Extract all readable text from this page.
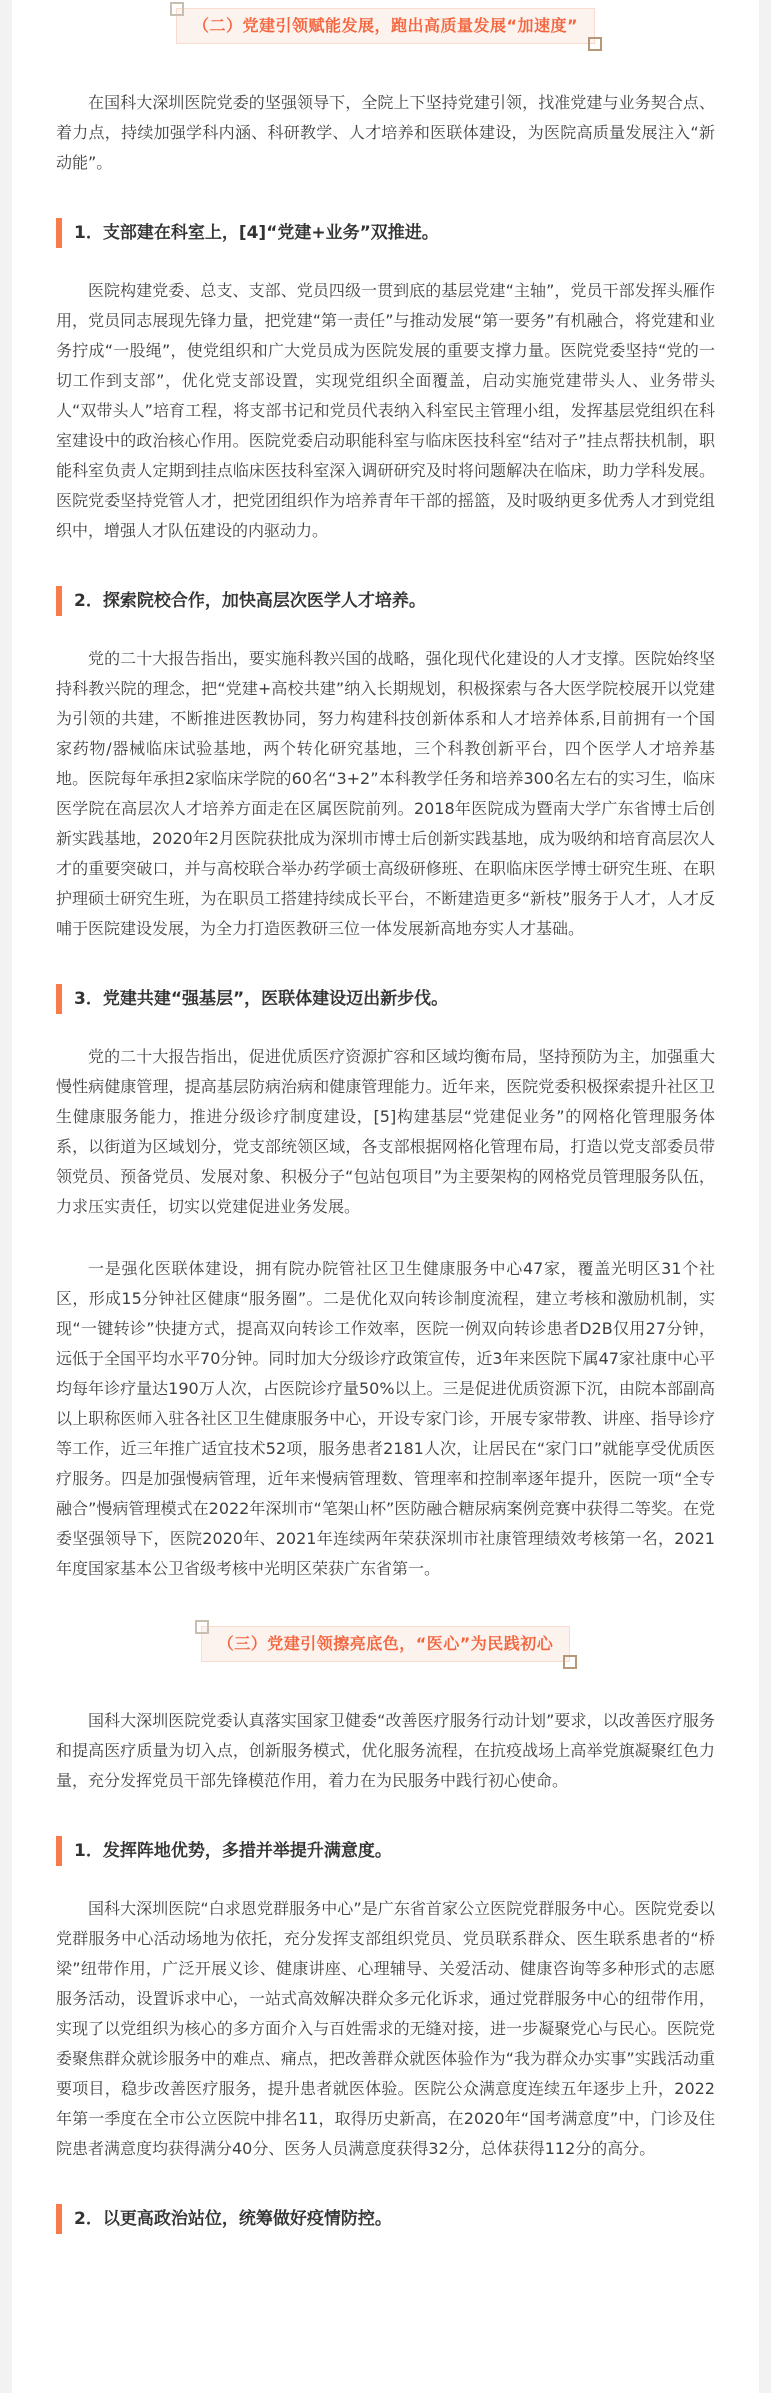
（二）党建引领赋能发展，跑出高质量发展“加速度”

在国科大深圳医院党委的坚强领导下，全院上下坚持党建引领，找准党建与业务契合点、着力点，持续加强学科内涵、科研教学、人才培养和医联体建设，为医院高质量发展注入“新动能”。

1．支部建在科室上，[4]“党建+业务”双推进。

医院构建党委、总支、支部、党员四级一贯到底的基层党建“主轴”，党员干部发挥头雁作用，党员同志展现先锋力量，把党建“第一责任”与推动发展“第一要务”有机融合，将党建和业务拧成“一股绳”，使党组织和广大党员成为医院发展的重要支撑力量。医院党委坚持“党的一切工作到支部”，优化党支部设置，实现党组织全面覆盖，启动实施党建带头人、业务带头人“双带头人”培育工程，将支部书记和党员代表纳入科室民主管理小组，发挥基层党组织在科室建设中的政治核心作用。医院党委启动职能科室与临床医技科室“结对子”挂点帮扶机制，职能科室负责人定期到挂点临床医技科室深入调研研究及时将问题解决在临床，助力学科发展。医院党委坚持党管人才，把党团组织作为培养青年干部的摇篮，及时吸纳更多优秀人才到党组织中，增强人才队伍建设的内驱动力。

2．探索院校合作，加快高层次医学人才培养。

党的二十大报告指出，要实施科教兴国的战略，强化现代化建设的人才支撑。医院始终坚持科教兴院的理念，把“党建+高校共建”纳入长期规划，积极探索与各大医学院校展开以党建为引领的共建，不断推进医教协同，努力构建科技创新体系和人才培养体系,目前拥有一个国家药物/器械临床试验基地，两个转化研究基地，三个科教创新平台，四个医学人才培养基地。医院每年承担2家临床学院的60名“3+2”本科教学任务和培养300名左右的实习生，临床医学院在高层次人才培养方面走在区属医院前列。2018年医院成为暨南大学广东省博士后创新实践基地，2020年2月医院获批成为深圳市博士后创新实践基地，成为吸纳和培育高层次人才的重要突破口，并与高校联合举办药学硕士高级研修班、在职临床医学博士研究生班、在职护理硕士研究生班，为在职员工搭建持续成长平台，不断建造更多“新枝”服务于人才，人才反哺于医院建设发展，为全力打造医教研三位一体发展新高地夯实人才基础。

3．党建共建“强基层”，医联体建设迈出新步伐。

党的二十大报告指出，促进优质医疗资源扩容和区域均衡布局，坚持预防为主，加强重大慢性病健康管理，提高基层防病治病和健康管理能力。近年来，医院党委积极探索提升社区卫生健康服务能力，推进分级诊疗制度建设，[5]构建基层“党建促业务”的网格化管理服务体系，以街道为区域划分，党支部统领区域，各支部根据网格化管理布局，打造以党支部委员带领党员、预备党员、发展对象、积极分子“包站包项目”为主要架构的网格党员管理服务队伍，力求压实责任，切实以党建促进业务发展。

一是强化医联体建设，拥有院办院管社区卫生健康服务中心47家，覆盖光明区31个社区，形成15分钟社区健康“服务圈”。二是优化双向转诊制度流程，建立考核和激励机制，实现“一键转诊”快捷方式，提高双向转诊工作效率，医院一例双向转诊患者D2B仅用27分钟，远低于全国平均水平70分钟。同时加大分级诊疗政策宣传，近3年来医院下属47家社康中心平均每年诊疗量达190万人次，占医院诊疗量50%以上。三是促进优质资源下沉，由院本部副高以上职称医师入驻各社区卫生健康服务中心，开设专家门诊，开展专家带教、讲座、指导诊疗等工作，近三年推广适宜技术52项，服务患者2181人次，让居民在“家门口”就能享受优质医疗服务。四是加强慢病管理，近年来慢病管理数、管理率和控制率逐年提升，医院一项“全专融合”慢病管理模式在2022年深圳市“笔架山杯”医防融合糖尿病案例竞赛中获得二等奖。在党委坚强领导下，医院2020年、2021年连续两年荣获深圳市社康管理绩效考核第一名，2021年度国家基本公卫省级考核中光明区荣获广东省第一。

（三）党建引领擦亮底色，“医心”为民践初心

国科大深圳医院党委认真落实国家卫健委“改善医疗服务行动计划”要求，以改善医疗服务和提高医疗质量为切入点，创新服务模式，优化服务流程，在抗疫战场上高举党旗凝聚红色力量，充分发挥党员干部先锋模范作用，着力在为民服务中践行初心使命。

1．发挥阵地优势，多措并举提升满意度。

国科大深圳医院“白求恩党群服务中心”是广东省首家公立医院党群服务中心。医院党委以党群服务中心活动场地为依托，充分发挥支部组织党员、党员联系群众、医生联系患者的“桥梁”纽带作用，广泛开展义诊、健康讲座、心理辅导、关爱活动、健康咨询等多种形式的志愿服务活动，设置诉求中心，一站式高效解决群众多元化诉求，通过党群服务中心的纽带作用，实现了以党组织为核心的多方面介入与百姓需求的无缝对接，进一步凝聚党心与民心。医院党委聚焦群众就诊服务中的难点、痛点，把改善群众就医体验作为“我为群众办实事”实践活动重要项目，稳步改善医疗服务，提升患者就医体验。医院公众满意度连续五年逐步上升，2022年第一季度在全市公立医院中排名11，取得历史新高，在2020年“国考满意度”中，门诊及住院患者满意度均获得满分40分、医务人员满意度获得32分，总体获得112分的高分。

2．以更高政治站位，统筹做好疫情防控。
